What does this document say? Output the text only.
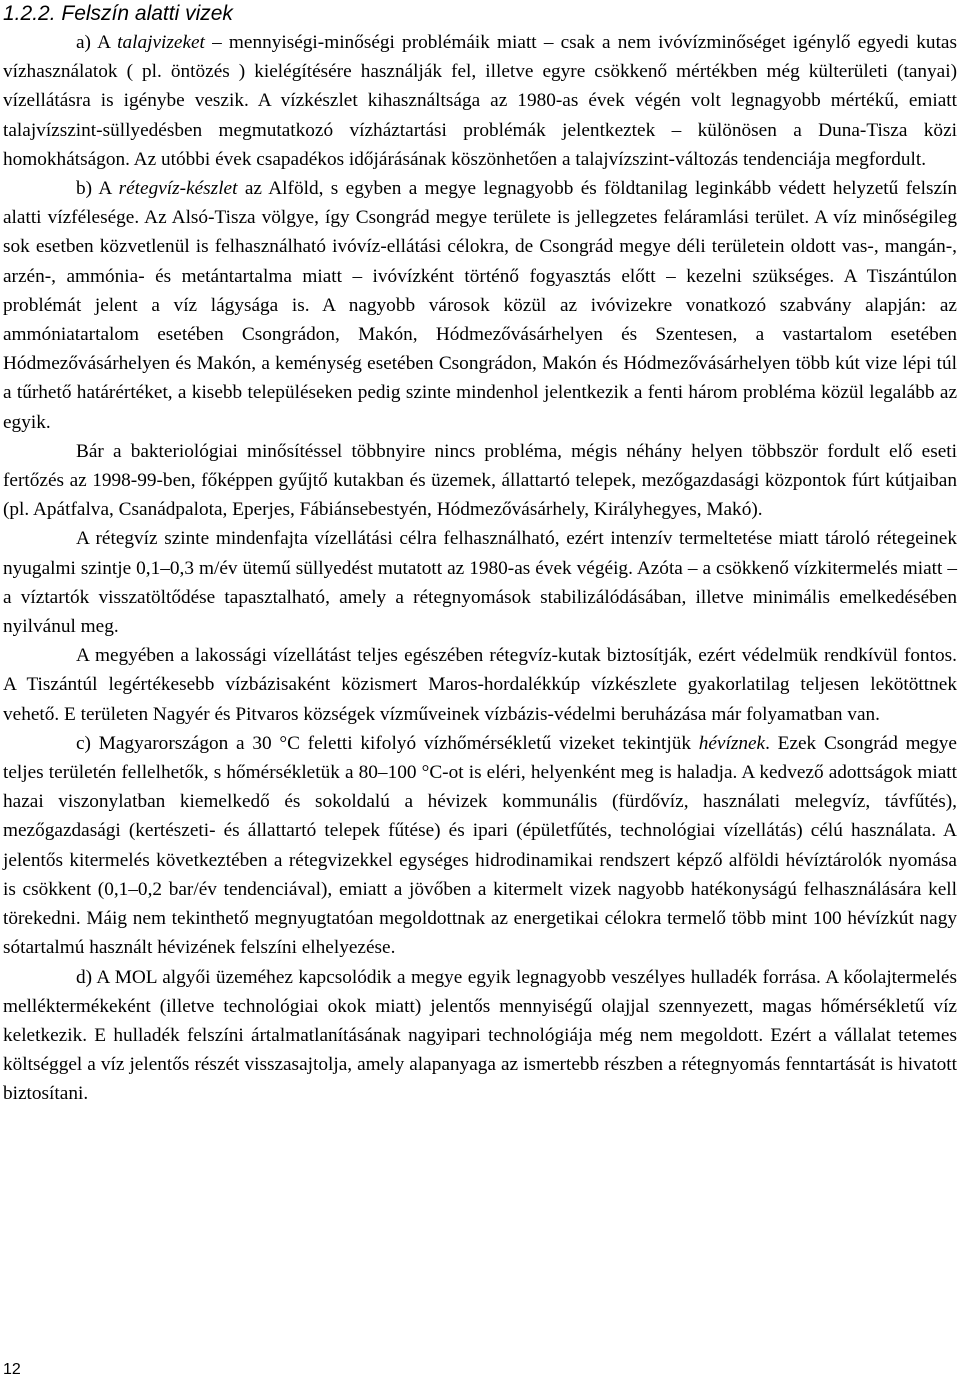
1.2.2. Felszín alatti vizek

a) A talajvizeket – mennyiségi-minőségi problémáik miatt – csak a nem ivóvízminőséget igénylő egyedi kutas vízhasználatok ( pl. öntözés ) kielégítésére használják fel, illetve egyre csökkenő mértékben még külterületi (tanyai) vízellátásra is igénybe veszik. A vízkészlet kihasználtsága az 1980-as évek végén volt legnagyobb mértékű, emiatt talajvízszint-süllyedésben megmutatkozó vízháztartási problémák jelentkeztek – különösen a Duna-Tisza közi homokhátságon. Az utóbbi évek csapadékos időjárásának köszönhetően a talajvízszint-változás tendenciája megfordult.

b) A rétegvíz-készlet az Alföld, s egyben a megye legnagyobb és földtanilag leginkább védett helyzetű felszín alatti vízfélesége. Az Alsó-Tisza völgye, így Csongrád megye területe is jellegzetes feláramlási terület. A víz minőségileg sok esetben közvetlenül is felhasználható ivóvíz-ellátási célokra, de Csongrád megye déli területein oldott vas-, mangán-, arzén-, ammónia- és metántartalma miatt – ivóvízként történő fogyasztás előtt – kezelni szükséges. A Tiszántúlon problémát jelent a víz lágysága is. A nagyobb városok közül az ivóvizekre vonatkozó szabvány alapján: az ammóniatartalom esetében Csongrádon, Makón, Hódmezővásárhelyen és Szentesen, a vastartalom esetében Hódmezővásárhelyen és Makón, a keménység esetében Csongrádon, Makón és Hódmezővásárhelyen több kút vize lépi túl a tűrhető határértéket, a kisebb településeken pedig szinte mindenhol jelentkezik a fenti három probléma közül legalább az egyik.

Bár a bakteriológiai minősítéssel többnyire nincs probléma, mégis néhány helyen többször fordult elő eseti fertőzés az 1998-99-ben, főképpen gyűjtő kutakban és üzemek, állattartó telepek, mezőgazdasági központok fúrt kútjaiban (pl. Apátfalva, Csanádpalota, Eperjes, Fábiánsebestyén, Hódmezővásárhely, Királyhegyes, Makó).

A rétegvíz szinte mindenfajta vízellátási célra felhasználható, ezért intenzív termeltetése miatt tároló rétegeinek nyugalmi szintje 0,1–0,3 m/év ütemű süllyedést mutatott az 1980-as évek végéig. Azóta – a csökkenő vízkitermelés miatt – a víztartók visszatöltődése tapasztalható, amely a rétegnyomások stabilizálódásában, illetve minimális emelkedésében nyilvánul meg.

A megyében a lakossági vízellátást teljes egészében rétegvíz-kutak biztosítják, ezért védelmük rendkívül fontos. A Tiszántúl legértékesebb vízbázisaként közismert Maros-hordalékkúp vízkészlete gyakorlatilag teljesen lekötöttnek vehető. E területen Nagyér és Pitvaros községek vízműveinek vízbázis-védelmi beruházása már folyamatban van.

c) Magyarországon a 30 °C feletti kifolyó vízhőmérsékletű vizeket tekintjük hévíznek. Ezek Csongrád megye teljes területén fellelhetők, s hőmérsékletük a 80–100 °C-ot is eléri, helyenként meg is haladja. A kedvező adottságok miatt hazai viszonylatban kiemelkedő és sokoldalú a hévizek kommunális (fürdővíz, használati melegvíz, távfűtés), mezőgazdasági (kertészeti- és állattartó telepek fűtése) és ipari (épületfűtés, technológiai vízellátás) célú használata. A jelentős kitermelés következtében a rétegvizekkel egységes hidrodinamikai rendszert képző alföldi hévíztárolók nyomása is csökkent (0,1–0,2 bar/év tendenciával), emiatt a jövőben a kitermelt vizek nagyobb hatékonyságú felhasználására kell törekedni. Máig nem tekinthető megnyugtatóan megoldottnak az energetikai célokra termelő több mint 100 hévízkút nagy sótartalmú használt hévizének felszíni elhelyezése.

d) A MOL algyői üzeméhez kapcsolódik a megye egyik legnagyobb veszélyes hulladék forrása. A kőolajtermelés melléktermékeként (illetve technológiai okok miatt) jelentős mennyiségű olajjal szennyezett, magas hőmérsékletű víz keletkezik. E hulladék felszíni ártalmatlanításának nagyipari technológiája még nem megoldott. Ezért a vállalat tetemes költséggel a víz jelentős részét visszasajtolja, amely alapanyaga az ismertebb részben a rétegnyomás fenntartását is hivatott biztosítani.

12
